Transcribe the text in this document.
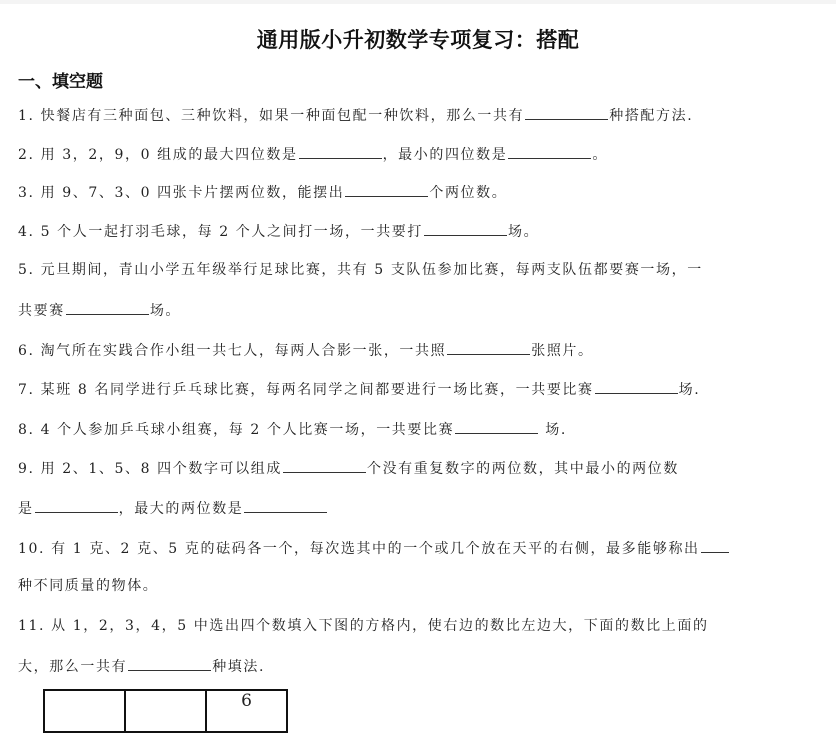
通用版小升初数学专项复习：搭配
一、填空题
1. 快餐店有三种面包、三种饮料，如果一种面包配一种饮料，那么一共有	种搭配方法.
2. 用 3，2，9，0 组成的最大四位数是	，最小的四位数是	。
3. 用 9、7、3、0 四张卡片摆两位数，能摆出	个两位数。
4. 5 个人一起打羽毛球，每 2 个人之间打一场，一共要打	场。
5. 元旦期间，青山小学五年级举行足球比赛，共有 5 支队伍参加比赛，每两支队伍都要赛一场，一
共要赛	场。
6. 淘气所在实践合作小组一共七人，每两人合影一张，一共照	张照片。
7. 某班 8 名同学进行乒乓球比赛，每两名同学之间都要进行一场比赛，一共要比赛	场.
8. 4 个人参加乒乓球小组赛，每 2 个人比赛一场，一共要比赛	场.
9. 用 2、1、5、8 四个数字可以组成	个没有重复数字的两位数，其中最小的两位数
是	，最大的两位数是
10. 有 1 克、2 克、5 克的砝码各一个，每次选其中的一个或几个放在天平的右侧，最多能够称出
种不同质量的物体。
11. 从 1，2，3，4，5 中选出四个数填入下图的方格内，使右边的数比左边大，下面的数比上面的
大，那么一共有	种填法.
		6
